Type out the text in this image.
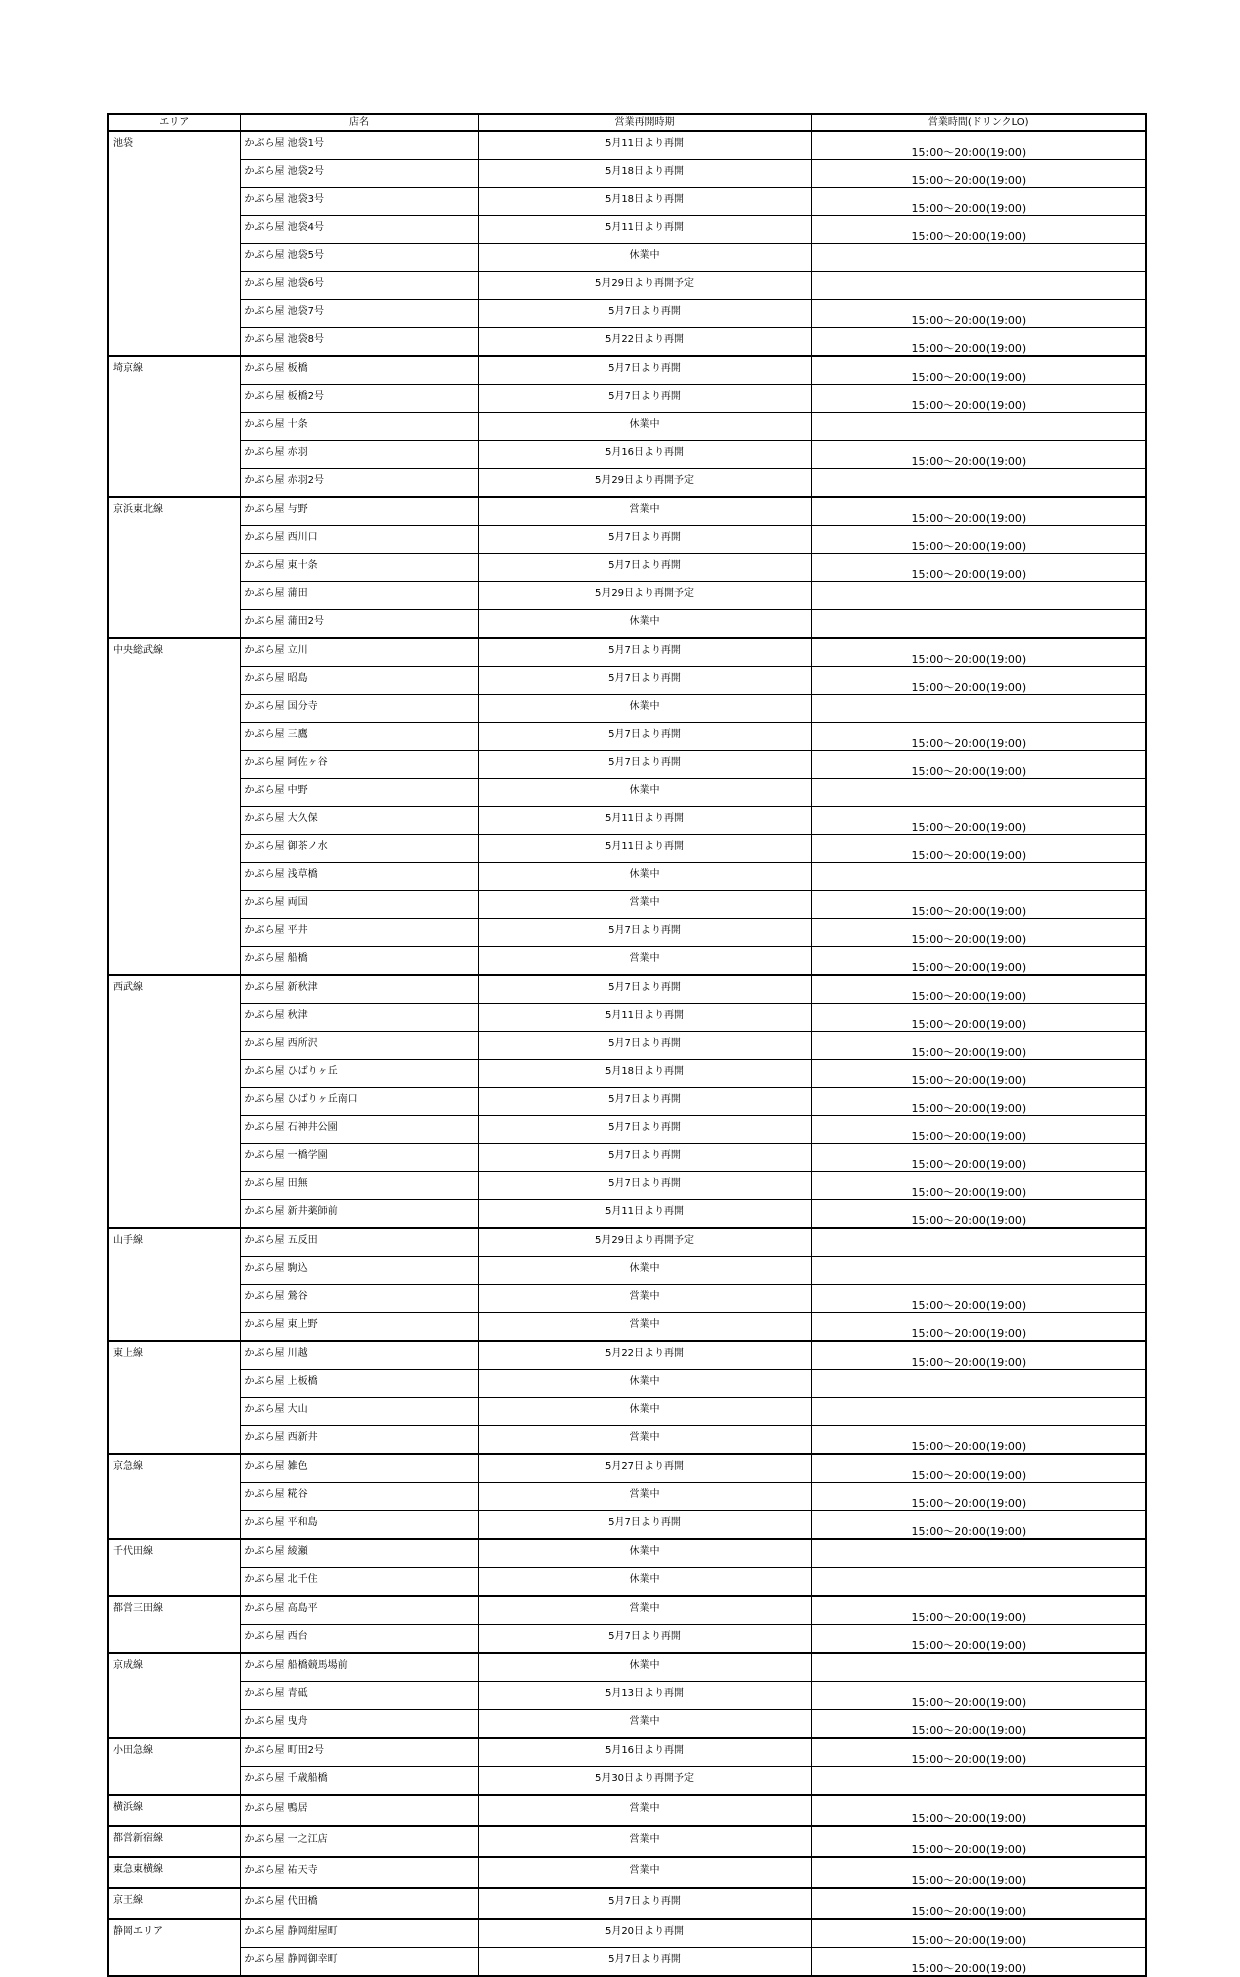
エリア	店名	営業再開時期	営業時間(ドリンクLO)
池袋	かぶら屋 池袋1号	5月11日より再開	15:00～20:00(19:00)
	かぶら屋 池袋2号	5月18日より再開	15:00～20:00(19:00)
	かぶら屋 池袋3号	5月18日より再開	15:00～20:00(19:00)
	かぶら屋 池袋4号	5月11日より再開	15:00～20:00(19:00)
	かぶら屋 池袋5号	休業中	
	かぶら屋 池袋6号	5月29日より再開予定	
	かぶら屋 池袋7号	5月7日より再開	15:00～20:00(19:00)
	かぶら屋 池袋8号	5月22日より再開	15:00～20:00(19:00)
埼京線	かぶら屋 板橋	5月7日より再開	15:00～20:00(19:00)
	かぶら屋 板橋2号	5月7日より再開	15:00～20:00(19:00)
	かぶら屋 十条	休業中	
	かぶら屋 赤羽	5月16日より再開	15:00～20:00(19:00)
	かぶら屋 赤羽2号	5月29日より再開予定	
京浜東北線	かぶら屋 与野	営業中	15:00～20:00(19:00)
	かぶら屋 西川口	5月7日より再開	15:00～20:00(19:00)
	かぶら屋 東十条	5月7日より再開	15:00～20:00(19:00)
	かぶら屋 蒲田	5月29日より再開予定	
	かぶら屋 蒲田2号	休業中	
中央総武線	かぶら屋 立川	5月7日より再開	15:00～20:00(19:00)
	かぶら屋 昭島	5月7日より再開	15:00～20:00(19:00)
	かぶら屋 国分寺	休業中	
	かぶら屋 三鷹	5月7日より再開	15:00～20:00(19:00)
	かぶら屋 阿佐ヶ谷	5月7日より再開	15:00～20:00(19:00)
	かぶら屋 中野	休業中	
	かぶら屋 大久保	5月11日より再開	15:00～20:00(19:00)
	かぶら屋 御茶ノ水	5月11日より再開	15:00～20:00(19:00)
	かぶら屋 浅草橋	休業中	
	かぶら屋 両国	営業中	15:00～20:00(19:00)
	かぶら屋 平井	5月7日より再開	15:00～20:00(19:00)
	かぶら屋 船橋	営業中	15:00～20:00(19:00)
西武線	かぶら屋 新秋津	5月7日より再開	15:00～20:00(19:00)
	かぶら屋 秋津	5月11日より再開	15:00～20:00(19:00)
	かぶら屋 西所沢	5月7日より再開	15:00～20:00(19:00)
	かぶら屋 ひばりヶ丘	5月18日より再開	15:00～20:00(19:00)
	かぶら屋 ひばりヶ丘南口	5月7日より再開	15:00～20:00(19:00)
	かぶら屋 石神井公園	5月7日より再開	15:00～20:00(19:00)
	かぶら屋 一橋学園	5月7日より再開	15:00～20:00(19:00)
	かぶら屋 田無	5月7日より再開	15:00～20:00(19:00)
	かぶら屋 新井薬師前	5月11日より再開	15:00～20:00(19:00)
山手線	かぶら屋 五反田	5月29日より再開予定	
	かぶら屋 駒込	休業中	
	かぶら屋 鶯谷	営業中	15:00～20:00(19:00)
	かぶら屋 東上野	営業中	15:00～20:00(19:00)
東上線	かぶら屋 川越	5月22日より再開	15:00～20:00(19:00)
	かぶら屋 上板橋	休業中	
	かぶら屋 大山	休業中	
	かぶら屋 西新井	営業中	15:00～20:00(19:00)
京急線	かぶら屋 雑色	5月27日より再開	15:00～20:00(19:00)
	かぶら屋 糀谷	営業中	15:00～20:00(19:00)
	かぶら屋 平和島	5月7日より再開	15:00～20:00(19:00)
千代田線	かぶら屋 綾瀬	休業中	
	かぶら屋 北千住	休業中	
都営三田線	かぶら屋 高島平	営業中	15:00～20:00(19:00)
	かぶら屋 西台	5月7日より再開	15:00～20:00(19:00)
京成線	かぶら屋 船橋競馬場前	休業中	
	かぶら屋 青砥	5月13日より再開	15:00～20:00(19:00)
	かぶら屋 曳舟	営業中	15:00～20:00(19:00)
小田急線	かぶら屋 町田2号	5月16日より再開	15:00～20:00(19:00)
	かぶら屋 千歳船橋	5月30日より再開予定	
横浜線	かぶら屋 鴨居	営業中	15:00～20:00(19:00)
都営新宿線	かぶら屋 一之江店	営業中	15:00～20:00(19:00)
東急東横線	かぶら屋 祐天寺	営業中	15:00～20:00(19:00)
京王線	かぶら屋 代田橋	5月7日より再開	15:00～20:00(19:00)
静岡エリア	かぶら屋 静岡紺屋町	5月20日より再開	15:00～20:00(19:00)
	かぶら屋 静岡御幸町	5月7日より再開	15:00～20:00(19:00)
